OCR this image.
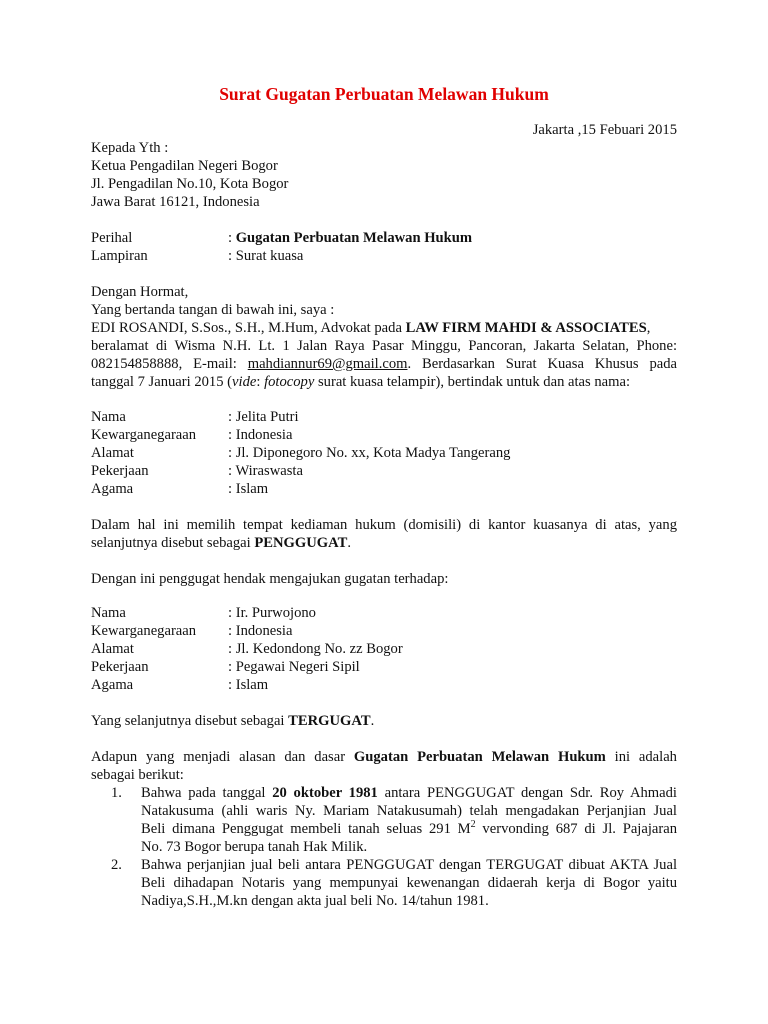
Surat Gugatan Perbuatan Melawan Hukum
Jakarta ,15 Febuari 2015
Kepada Yth :
Ketua Pengadilan Negeri Bogor
Jl. Pengadilan No.10, Kota Bogor
Jawa Barat 16121, Indonesia
Perihal	: Gugatan Perbuatan Melawan Hukum
Lampiran	: Surat kuasa
Dengan Hormat,
Yang bertanda tangan di bawah ini, saya :
EDI ROSANDI, S.Sos., S.H., M.Hum, Advokat pada LAW FIRM MAHDI & ASSOCIATES,
beralamat di Wisma N.H. Lt. 1 Jalan Raya Pasar Minggu, Pancoran, Jakarta Selatan, Phone:
082154858888, E-mail: mahdiannur69@gmail.com. Berdasarkan Surat Kuasa Khusus pada
tanggal 7 Januari 2015 (vide: fotocopy surat kuasa telampir), bertindak untuk dan atas nama:
Nama	: Jelita Putri
Kewarganegaraan : Indonesia
Alamat	: Jl. Diponegoro No. xx, Kota Madya Tangerang
Pekerjaan	: Wiraswasta
Agama	: Islam
Dalam hal ini memilih tempat kediaman hukum (domisili) di kantor kuasanya di atas, yang
selanjutnya disebut sebagai PENGGUGAT.
Dengan ini penggugat hendak mengajukan gugatan terhadap:
Nama	: Ir. Purwojono
Kewarganegaraan : Indonesia
Alamat	: Jl. Kedondong No. zz Bogor
Pekerjaan	: Pegawai Negeri Sipil
Agama	: Islam
Yang selanjutnya disebut sebagai TERGUGAT.
Adapun yang menjadi alasan dan dasar Gugatan Perbuatan Melawan Hukum ini adalah
sebagai berikut:
1.	Bahwa pada tanggal 20 oktober 1981 antara PENGGUGAT dengan Sdr. Roy Ahmadi
Natakusuma (ahli waris Ny. Mariam Natakusumah) telah mengadakan Perjanjian Jual
Beli dimana Penggugat membeli tanah seluas 291 $M^2$ vervonding 687 di Jl. Pajajaran
No. 73 Bogor berupa tanah Hak Milik.
2.	Bahwa perjanjian jual beli antara PENGGUGAT dengan TERGUGAT dibuat AKTA Jual
Beli dihadapan Notaris yang mempunyai kewenangan didaerah kerja di Bogor yaitu
Nadiya,S.H.,M.kn dengan akta jual beli No. 14/tahun 1981.
